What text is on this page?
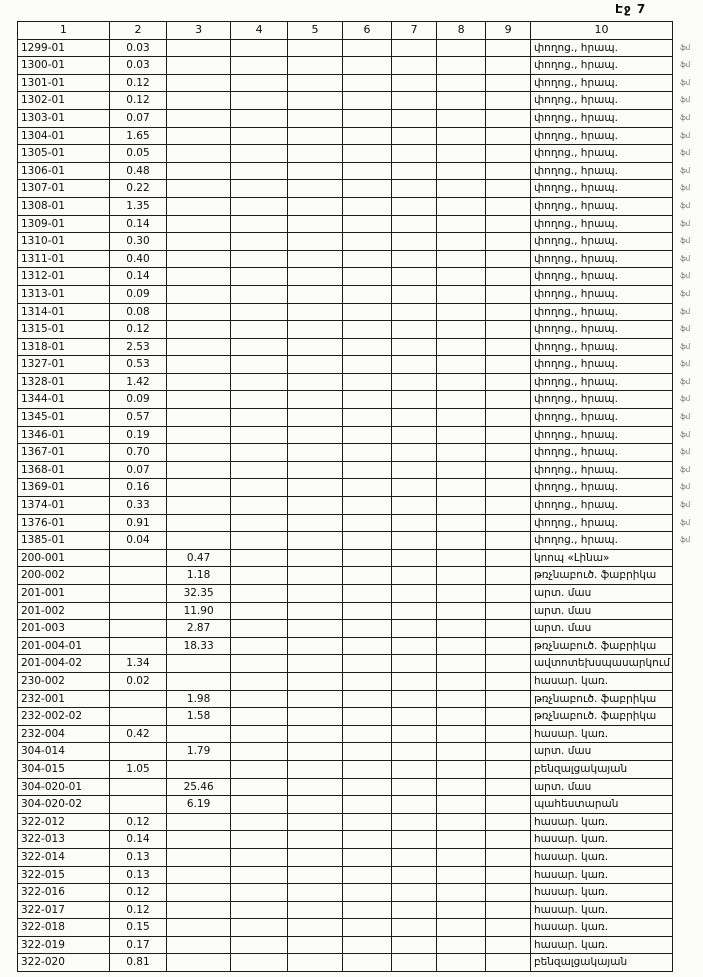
Էջ 7
1	2	3	4	5	6	7	8	9	10	
1299-01	0.03								փողոց., հրապ.	ֆմ
1300-01	0.03								փողոց., հրապ.	ֆմ
1301-01	0.12								փողոց., հրապ.	ֆմ
1302-01	0.12								փողոց., հրապ.	ֆմ
1303-01	0.07								փողոց., հրապ.	ֆմ
1304-01	1.65								փողոց., հրապ.	ֆմ
1305-01	0.05								փողոց., հրապ.	ֆմ
1306-01	0.48								փողոց., հրապ.	ֆմ
1307-01	0.22								փողոց., հրապ.	ֆմ
1308-01	1.35								փողոց., հրապ.	ֆմ
1309-01	0.14								փողոց., հրապ.	ֆմ
1310-01	0.30								փողոց., հրապ.	ֆմ
1311-01	0.40								փողոց., հրապ.	ֆմ
1312-01	0.14								փողոց., հրապ.	ֆմ
1313-01	0.09								փողոց., հրապ.	ֆմ
1314-01	0.08								փողոց., հրապ.	ֆմ
1315-01	0.12								փողոց., հրապ.	ֆմ
1318-01	2.53								փողոց., հրապ.	ֆմ
1327-01	0.53								փողոց., հրապ.	ֆմ
1328-01	1.42								փողոց., հրապ.	ֆմ
1344-01	0.09								փողոց., հրապ.	ֆմ
1345-01	0.57								փողոց., հրապ.	ֆմ
1346-01	0.19								փողոց., հրապ.	ֆմ
1367-01	0.70								փողոց., հրապ.	ֆմ
1368-01	0.07								փողոց., հրապ.	ֆմ
1369-01	0.16								փողոց., հրապ.	ֆմ
1374-01	0.33								փողոց., հրապ.	ֆմ
1376-01	0.91								փողոց., հրապ.	ֆմ
1385-01	0.04								փողոց., հրապ.	ֆմ
200-001		0.47							կոոպ «Լինա»	
200-002		1.18							թռչնաբուծ. ֆաբրիկա	
201-001		32.35							արտ. մաս	
201-002		11.90							արտ. մաս	
201-003		2.87							արտ. մաս	
201-004-01		18.33							թռչնաբուծ. ֆաբրիկա	
201-004-02	1.34								ավտոտեխսպասարկում	
230-002	0.02								հասար. կառ.	
232-001		1.98							թռչնաբուծ. ֆաբրիկա	
232-002-02		1.58							թռչնաբուծ. ֆաբրիկա	
232-004	0.42								հասար. կառ.	
304-014		1.79							արտ. մաս	
304-015	1.05								բենզալցակայան	
304-020-01		25.46							արտ. մաս	
304-020-02		6.19							պահեստարան	
322-012	0.12								հասար. կառ.	
322-013	0.14								հասար. կառ.	
322-014	0.13								հասար. կառ.	
322-015	0.13								հասար. կառ.	
322-016	0.12								հասար. կառ.	
322-017	0.12								հասար. կառ.	
322-018	0.15								հասար. կառ.	
322-019	0.17								հասար. կառ.	
322-020	0.81								բենզալցակայան	
